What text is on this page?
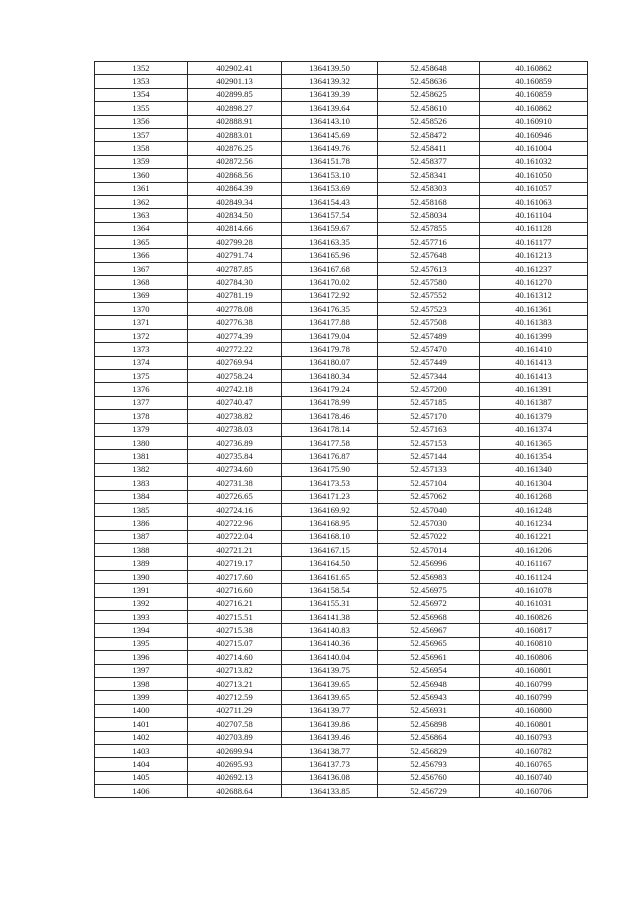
1352	402902.41	1364139.50	52.458648	40.160862
1353	402901.13	1364139.32	52.458636	40.160859
1354	402899.85	1364139.39	52.458625	40.160859
1355	402898.27	1364139.64	52.458610	40.160862
1356	402888.91	1364143.10	52.458526	40.160910
1357	402883.01	1364145.69	52.458472	40.160946
1358	402876.25	1364149.76	52.458411	40.161004
1359	402872.56	1364151.78	52.458377	40.161032
1360	402868.56	1364153.10	52.458341	40.161050
1361	402864.39	1364153.69	52.458303	40.161057
1362	402849.34	1364154.43	52.458168	40.161063
1363	402834.50	1364157.54	52.458034	40.161104
1364	402814.66	1364159.67	52.457855	40.161128
1365	402799.28	1364163.35	52.457716	40.161177
1366	402791.74	1364165.96	52.457648	40.161213
1367	402787.85	1364167.68	52.457613	40.161237
1368	402784.30	1364170.02	52.457580	40.161270
1369	402781.19	1364172.92	52.457552	40.161312
1370	402778.08	1364176.35	52.457523	40.161361
1371	402776.38	1364177.88	52.457508	40.161383
1372	402774.39	1364179.04	52.457489	40.161399
1373	402772.22	1364179.78	52.457470	40.161410
1374	402769.94	1364180.07	52.457449	40.161413
1375	402758.24	1364180.34	52.457344	40.161413
1376	402742.18	1364179.24	52.457200	40.161391
1377	402740.47	1364178.99	52.457185	40.161387
1378	402738.82	1364178.46	52.457170	40.161379
1379	402738.03	1364178.14	52.457163	40.161374
1380	402736.89	1364177.58	52.457153	40.161365
1381	402735.84	1364176.87	52.457144	40.161354
1382	402734.60	1364175.90	52.457133	40.161340
1383	402731.38	1364173.53	52.457104	40.161304
1384	402726.65	1364171.23	52.457062	40.161268
1385	402724.16	1364169.92	52.457040	40.161248
1386	402722.96	1364168.95	52.457030	40.161234
1387	402722.04	1364168.10	52.457022	40.161221
1388	402721.21	1364167.15	52.457014	40.161206
1389	402719.17	1364164.50	52.456996	40.161167
1390	402717.60	1364161.65	52.456983	40.161124
1391	402716.60	1364158.54	52.456975	40.161078
1392	402716.21	1364155.31	52.456972	40.161031
1393	402715.51	1364141.38	52.456968	40.160826
1394	402715.38	1364140.83	52.456967	40.160817
1395	402715.07	1364140.36	52.456965	40.160810
1396	402714.60	1364140.04	52.456961	40.160806
1397	402713.82	1364139.75	52.456954	40.160801
1398	402713.21	1364139.65	52.456948	40.160799
1399	402712.59	1364139.65	52.456943	40.160799
1400	402711.29	1364139.77	52.456931	40.160800
1401	402707.58	1364139.86	52.456898	40.160801
1402	402703.89	1364139.46	52.456864	40.160793
1403	402699.94	1364138.77	52.456829	40.160782
1404	402695.93	1364137.73	52.456793	40.160765
1405	402692.13	1364136.08	52.456760	40.160740
1406	402688.64	1364133.85	52.456729	40.160706
